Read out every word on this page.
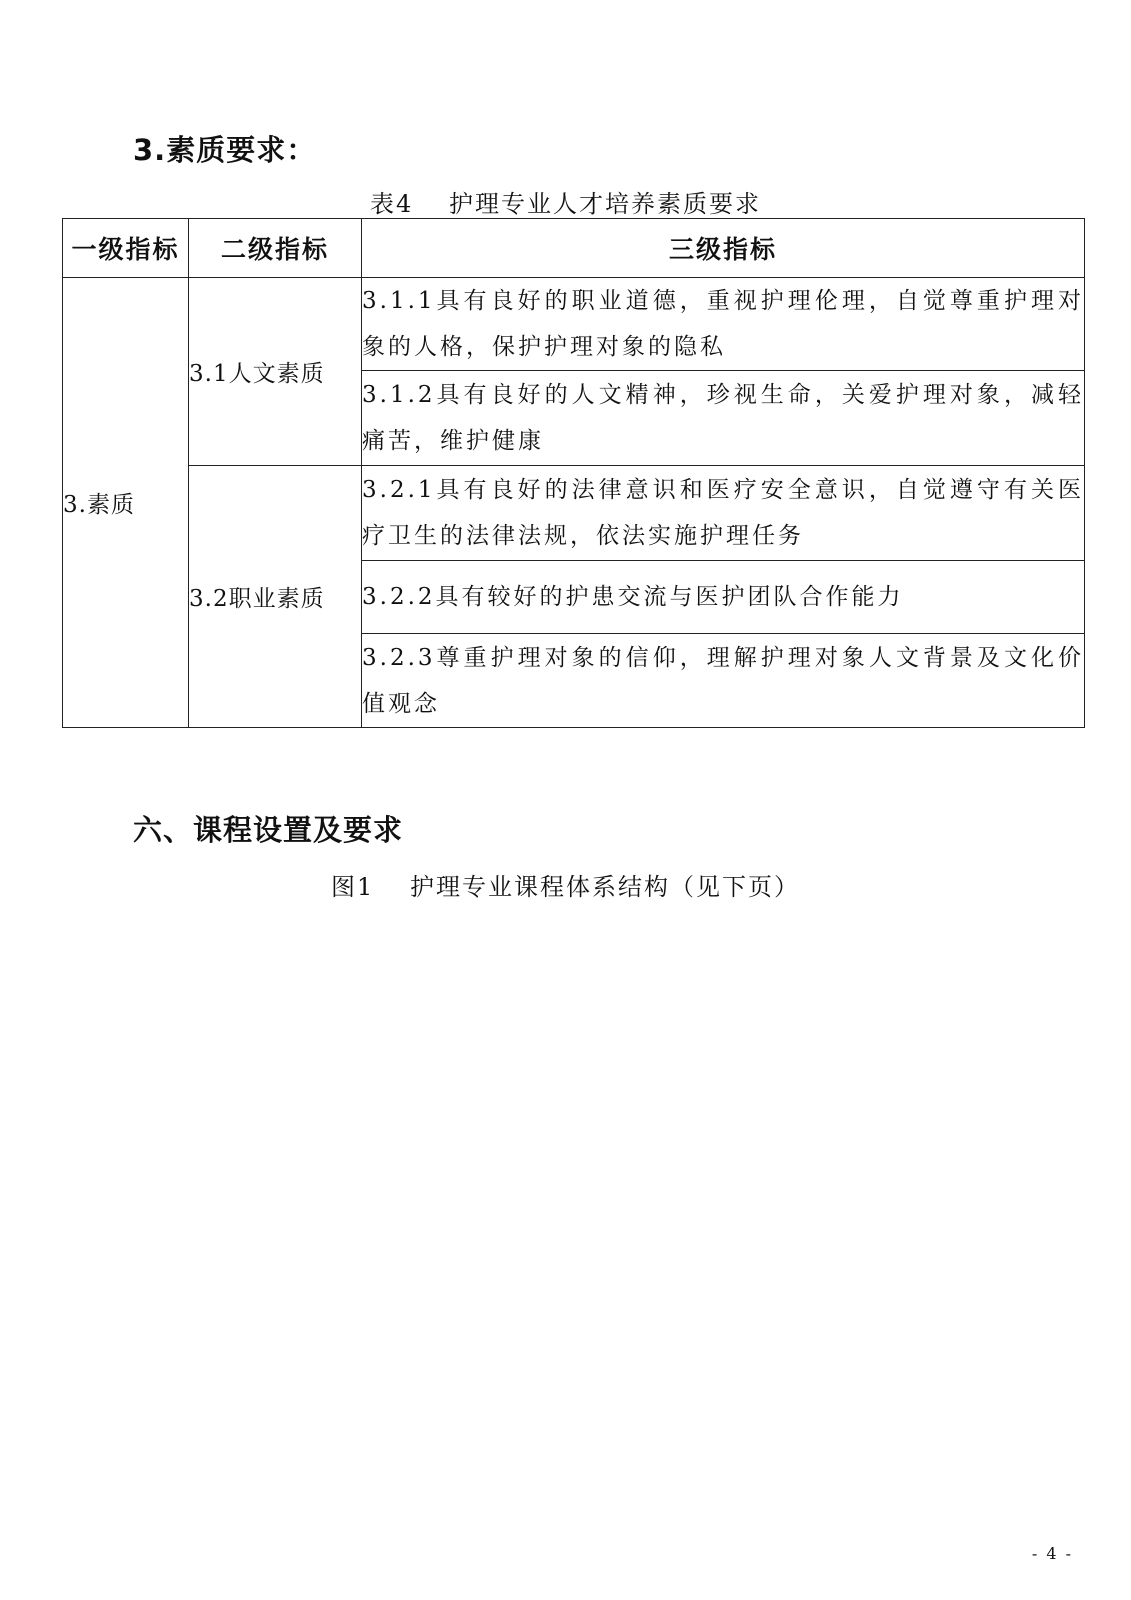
3.素质要求：
表4　 护理专业人才培养素质要求
一级指标	二级指标	三级指标
3.素质	3.1人文素质	3.1.1具有良好的职业道德，重视护理伦理，自觉尊重护理对象的人格，保护护理对象的隐私
		3.1.2具有良好的人文精神，珍视生命，关爱护理对象，减轻痛苦，维护健康
	3.2职业素质	3.2.1具有良好的法律意识和医疗安全意识，自觉遵守有关医疗卫生的法律法规，依法实施护理任务
		3.2.2具有较好的护患交流与医护团队合作能力
		3.2.3尊重护理对象的信仰，理解护理对象人文背景及文化价值观念
六、课程设置及要求
图1　 护理专业课程体系结构（见下页）
- 4 -
